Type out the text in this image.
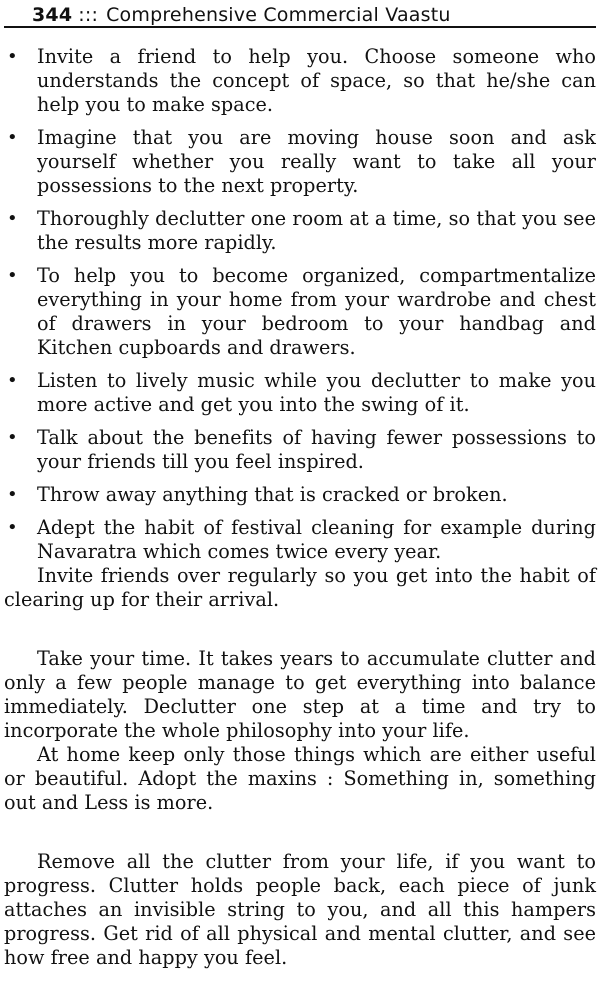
344 ::: Comprehensive Commercial Vaastu
• Invite a friend to help you. Choose someone who understands the concept of space, so that he/she can help you to make space.
• Imagine that you are moving house soon and ask yourself whether you really want to take all your possessions to the next property.
• Thoroughly declutter one room at a time, so that you see the results more rapidly.
• To help you to become organized, compartmentalize everything in your home from your wardrobe and chest of drawers in your bedroom to your handbag and Kitchen cupboards and drawers.
• Listen to lively music while you declutter to make you more active and get you into the swing of it.
• Talk about the benefits of having fewer possessions to your friends till you feel inspired.
• Throw away anything that is cracked or broken.
• Adept the habit of festival cleaning for example during Navaratra which comes twice every year.

Invite friends over regularly so you get into the habit of clearing up for their arrival.

Take your time. It takes years to accumulate clutter and only a few people manage to get everything into balance immediately. Declutter one step at a time and try to incorporate the whole philosophy into your life.

At home keep only those things which are either useful or beautiful. Adopt the maxins : Something in, something out and Less is more.

Remove all the clutter from your life, if you want to progress. Clutter holds people back, each piece of junk attaches an invisible string to you, and all this hampers progress. Get rid of all physical and mental clutter, and see how free and happy you feel.
